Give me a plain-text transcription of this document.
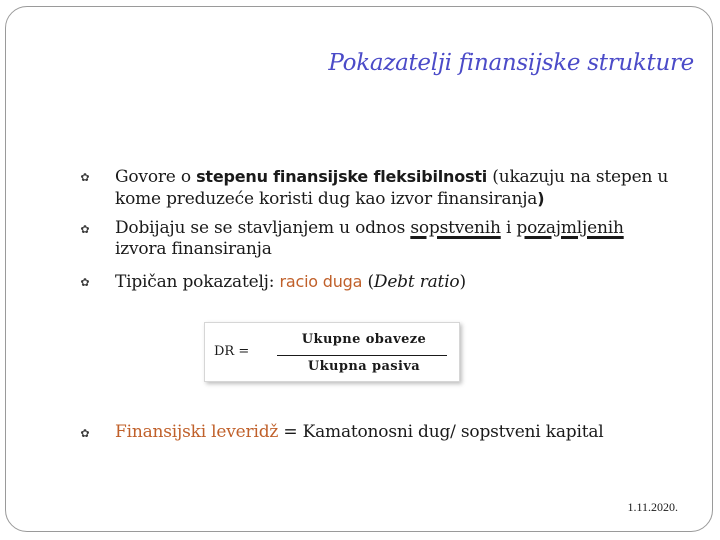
Pokazatelji finansijske strukture
✿ Govore o stepenu finansijske fleksibilnosti (ukazuju na stepen u
kome preduzeće koristi dug kao izvor finansiranja)
✿ Dobijaju se se stavljanjem u odnos sopstvenih i pozajmljenih
izvora finansiranja
✿ Tipičan pokazatelj: racio duga (Debt ratio)
DR =
Ukupne obaveze
Ukupna pasiva
✿ Finansijski leveridž = Kamatonosni dug/ sopstveni kapital
1.11.2020.
